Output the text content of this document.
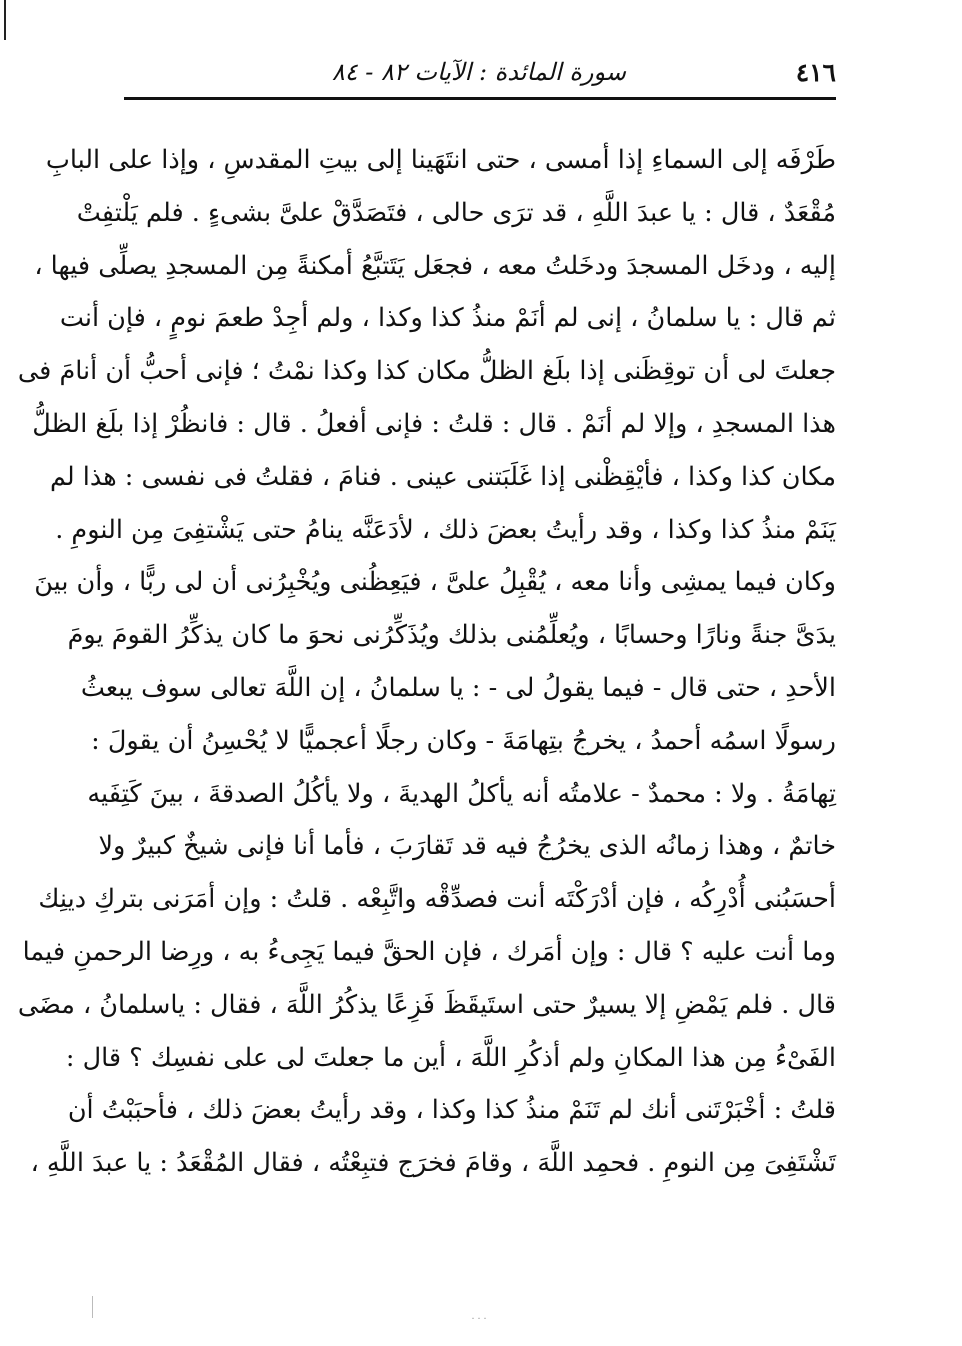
٤١٦
سورة المائدة : الآيات ٨٢ - ٨٤
طَرْفَه إلى السماءِ إذا أمسى ، حتى انتَهَينا إلى بيتِ المقدسِ ، وإذا على البابِ
مُقْعَدٌ ، قال : يا عبدَ اللَّهِ ، قد ترَى حالى ، فتَصَدَّقْ علىَّ بشىءٍ . فلم يَلْتفِتْ
إليه ، ودخَل المسجدَ ودخَلتُ معه ، فجعَل يَتَتبَّعُ أمكنةً مِن المسجدِ يصلِّى فيها ،
ثم قال : يا سلمانُ ، إنى لم أنَمْ منذُ كذا وكذا ، ولم أجِدْ طعمَ نومٍ ، فإن أنت
جعلتَ لى أن توقِظَنى إذا بلَغ الظلُّ مكان كذا وكذا نمْتُ ؛ فإنى أحبُّ أن أنامَ فى
هذا المسجدِ ، وإلا لم أنَمْ . قال : قلتُ : فإنى أفعلُ . قال : فانظُرْ إذا بلَغ الظلُّ
مكان كذا وكذا ، فأيْقِظْنى إذا غَلَبَتنى عينى . فنامَ ، فقلتُ فى نفسى : هذا لم
يَنَمْ منذُ كذا وكذا ، وقد رأيتُ بعضَ ذلك ، لأدَعَنَّه ينامُ حتى يَشْتفِىَ مِن النومِ .
وكان فيما يمشِى وأنا معه ، يُقْبِلُ علىَّ ، فيَعِظُنى ويُخْبِرُنى أن لى ربًّا ، وأن بينَ
يدَىَّ جنةً ونارًا وحسابًا ، ويُعلِّمُنى بذلك ويُذَكِّرُنى نحوَ ما كان يذكِّرُ القومَ يومَ
الأحدِ ، حتى قال - فيما يقولُ لى - : يا سلمانُ ، إن اللَّهَ تعالى سوف يبعثُ
رسولًا اسمُه أحمدُ ، يخرجُ بتِهامَةَ - وكان رجلًا أعجميًّا لا يُحْسِنُ أن يقولَ :
تِهامَةُ . ولا : محمدٌ - علامتُه أنه يأكلُ الهديةَ ، ولا يأكُلُ الصدقةَ ، بينَ كَتِفَيه
خاتمٌ ، وهذا زمانُه الذى يخرُجُ فيه قد تَقارَبَ ، فأما أنا فإنى شيخٌ كبيرٌ ولا
أحسَبُنى أُدْرِكُه ، فإن أدْرَكْتَه أنت فصدِّقْه واتَّبِعْه . قلتُ : وإن أمَرَنى بتركِ دينِك
وما أنت عليه ؟ قال : وإن أمَرك ، فإن الحقَّ فيما يَجِىءُ به ، ورِضا الرحمنِ فيما
قال . فلم يَمْضِ إلا يسيرٌ حتى استَيقَظَ فَزِعًا يذكُرُ اللَّهَ ، فقال : ياسلمانُ ، مضَى
الفَىْءُ مِن هذا المكانِ ولم أذكُرِ اللَّهَ ، أين ما جعلتَ لى على نفسِك ؟ قال :
قلتُ : أخْبَرْتَنى أنك لم تَنَمْ منذُ كذا وكذا ، وقد رأيتُ بعضَ ذلك ، فأحبَبْتُ أن
تَشْتَفِىَ مِن النومِ . فحمِد اللَّهَ ، وقامَ فخرَج فتبِعْتُه ، فقال المُقْعَدُ : يا عبدَ اللَّهِ ،
˙˙˙
